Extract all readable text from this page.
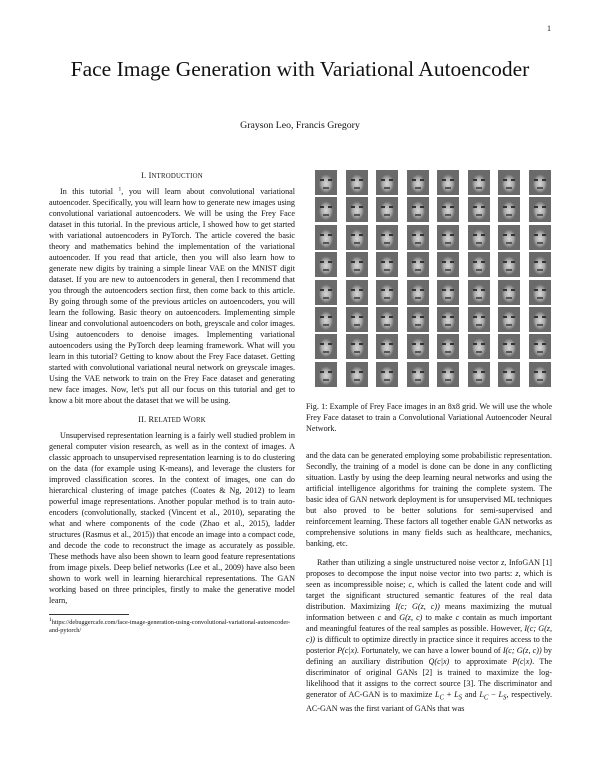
1
Face Image Generation with Variational Autoencoder
Grayson Leo, Francis Gregory
I. INTRODUCTION

In this tutorial $^1$, you will learn about convolutional variational autoencoder. Specifically, you will learn how to generate new images using convolutional variational autoencoders. We will be using the Frey Face dataset in this tutorial. In the previous article, I showed how to get started with variational autoencoders in PyTorch. The article covered the basic theory and mathematics behind the implementation of the variational autoencoder. If you read that article, then you will also learn how to generate new digits by training a simple linear VAE on the MNIST digit dataset. If you are new to autoencoders in general, then I recommend that you through the autoencoders section first, then come back to this article. By going through some of the previous articles on autoencoders, you will learn the following. Basic theory on autoencoders. Implementing simple linear and convolutional autoencoders on both, greyscale and color images. Using autoencoders to denoise images. Implementing variational autoencoders using the PyTorch deep learning framework. What will you learn in this tutorial? Getting to know about the Frey Face dataset. Getting started with convolutional variational neural network on greyscale images. Using the VAE network to train on the Frey Face dataset and generating new face images. Now, let's put all our focus on this tutorial and get to know a bit more about the dataset that we will be using.

II. RELATED WORK

Unsupervised representation learning is a fairly well studied problem in general computer vision research, as well as in the context of images. A classic approach to unsupervised representation learning is to do clustering on the data (for example using K-means), and leverage the clusters for improved classification scores. In the context of images, one can do hierarchical clustering of image patches (Coates & Ng, 2012) to learn powerful image representations. Another popular method is to train auto-encoders (convolutionally, stacked (Vincent et al., 2010), separating the what and where components of the code (Zhao et al., 2015), ladder structures (Rasmus et al., 2015)) that encode an image into a compact code, and decode the code to reconstruct the image as accurately as possible. These methods have also been shown to learn good feature representations from image pixels. Deep belief networks (Lee et al., 2009) have also been shown to work well in learning hierarchical representations. The GAN working based on three principles, firstly to make the generative model learn,

$^1$https://debuggercafe.com/face-image-generation-using-convolutional-variational-autoencoder-and-pytorch/

Fig. 1: Example of Frey Face images in an 8x8 grid. We will use the whole Frey Face dataset to train a Convolutional Variational Autoencoder Neural Network.

and the data can be generated employing some probabilistic representation. Secondly, the training of a model is done can be done in any conflicting situation. Lastly by using the deep learning neural networks and using the artificial intelligence algorithms for training the complete system. The basic idea of GAN network deployment is for unsupervised ML techniques but also proved to be better solutions for semi-supervised and reinforcement learning. These factors all together enable GAN networks as comprehensive solutions in many fields such as healthcare, mechanics, banking, etc.

Rather than utilizing a single unstructured noise vector z, InfoGAN [1] proposes to decompose the input noise vector into two parts: z, which is seen as incompressible noise; c, which is called the latent code and will target the significant structured semantic features of the real data distribution. Maximizing I(c; G(z, c)) means maximizing the mutual information between c and G(z, c) to make c contain as much important and meaningful features of the real samples as possible. However, I(c; G(z, c)) is difficult to optimize directly in practice since it requires access to the posterior P(c|x). Fortunately, we can have a lower bound of I(c; G(z, c)) by defining an auxiliary distribution Q(c|x) to approximate P(c|x). The discriminator of original GANs [2] is trained to maximize the log-likelihood that it assigns to the correct source [3]. The discriminator and generator of AC-GAN is to maximize $L_C + L_S$ and $L_C - L_S$, respectively. AC-GAN was the first variant of GANs that was
